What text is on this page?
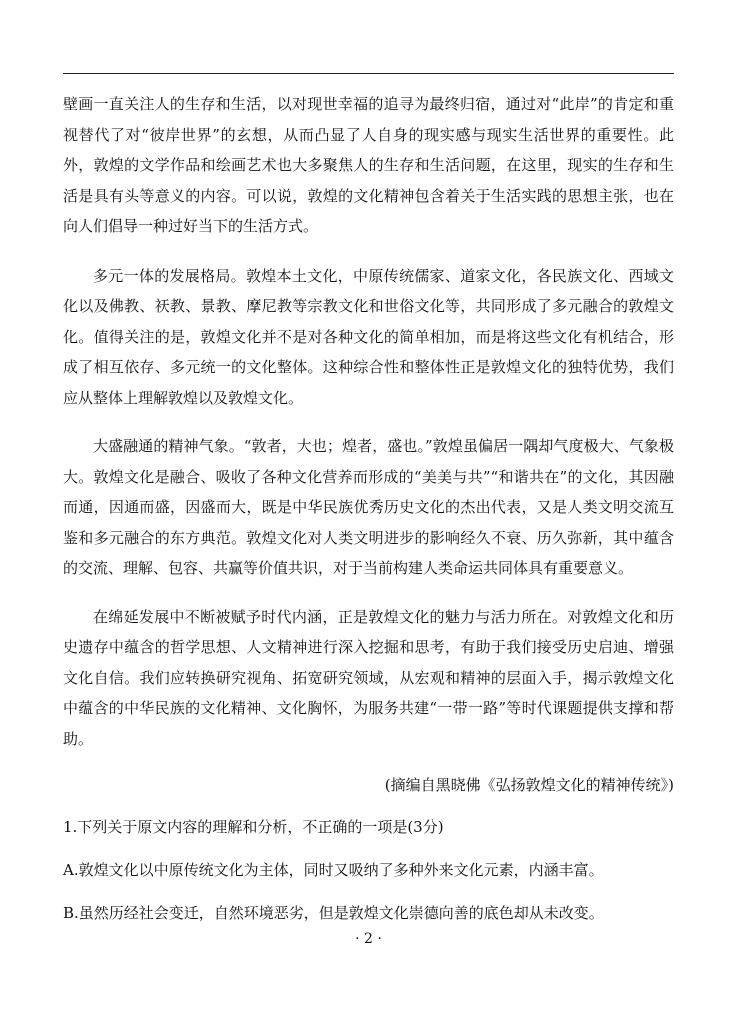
壁画一直关注人的生存和生活，以对现世幸福的追寻为最终归宿，通过对“此岸”的肯定和重视替代了对“彼岸世界”的玄想，从而凸显了人自身的现实感与现实生活世界的重要性。此外，敦煌的文学作品和绘画艺术也大多聚焦人的生存和生活问题，在这里，现实的生存和生活是具有头等意义的内容。可以说，敦煌的文化精神包含着关于生活实践的思想主张，也在向人们倡导一种过好当下的生活方式。

多元一体的发展格局。敦煌本土文化，中原传统儒家、道家文化，各民族文化、西域文化以及佛教、祆教、景教、摩尼教等宗教文化和世俗文化等，共同形成了多元融合的敦煌文化。值得关注的是，敦煌文化并不是对各种文化的简单相加，而是将这些文化有机结合，形成了相互依存、多元统一的文化整体。这种综合性和整体性正是敦煌文化的独特优势，我们应从整体上理解敦煌以及敦煌文化。

大盛融通的精神气象。“敦者，大也；煌者，盛也。”敦煌虽偏居一隅却气度极大、气象极大。敦煌文化是融合、吸收了各种文化营养而形成的“美美与共”“和谐共在”的文化，其因融而通，因通而盛，因盛而大，既是中华民族优秀历史文化的杰出代表，又是人类文明交流互鉴和多元融合的东方典范。敦煌文化对人类文明进步的影响经久不衰、历久弥新，其中蕴含的交流、理解、包容、共赢等价值共识，对于当前构建人类命运共同体具有重要意义。

在绵延发展中不断被赋予时代内涵，正是敦煌文化的魅力与活力所在。对敦煌文化和历史遗存中蕴含的哲学思想、人文精神进行深入挖掘和思考，有助于我们接受历史启迪、增强文化自信。我们应转换研究视角、拓宽研究领域，从宏观和精神的层面入手，揭示敦煌文化中蕴含的中华民族的文化精神、文化胸怀，为服务共建“一带一路”等时代课题提供支撑和帮助。

(摘编自黑晓佛《弘扬敦煌文化的精神传统》)

1.下列关于原文内容的理解和分析，不正确的一项是(3分)

A.敦煌文化以中原传统文化为主体，同时又吸纳了多种外来文化元素，内涵丰富。

B.虽然历经社会变迁，自然环境恶劣，但是敦煌文化崇德向善的底色却从未改变。

· 2 ·
